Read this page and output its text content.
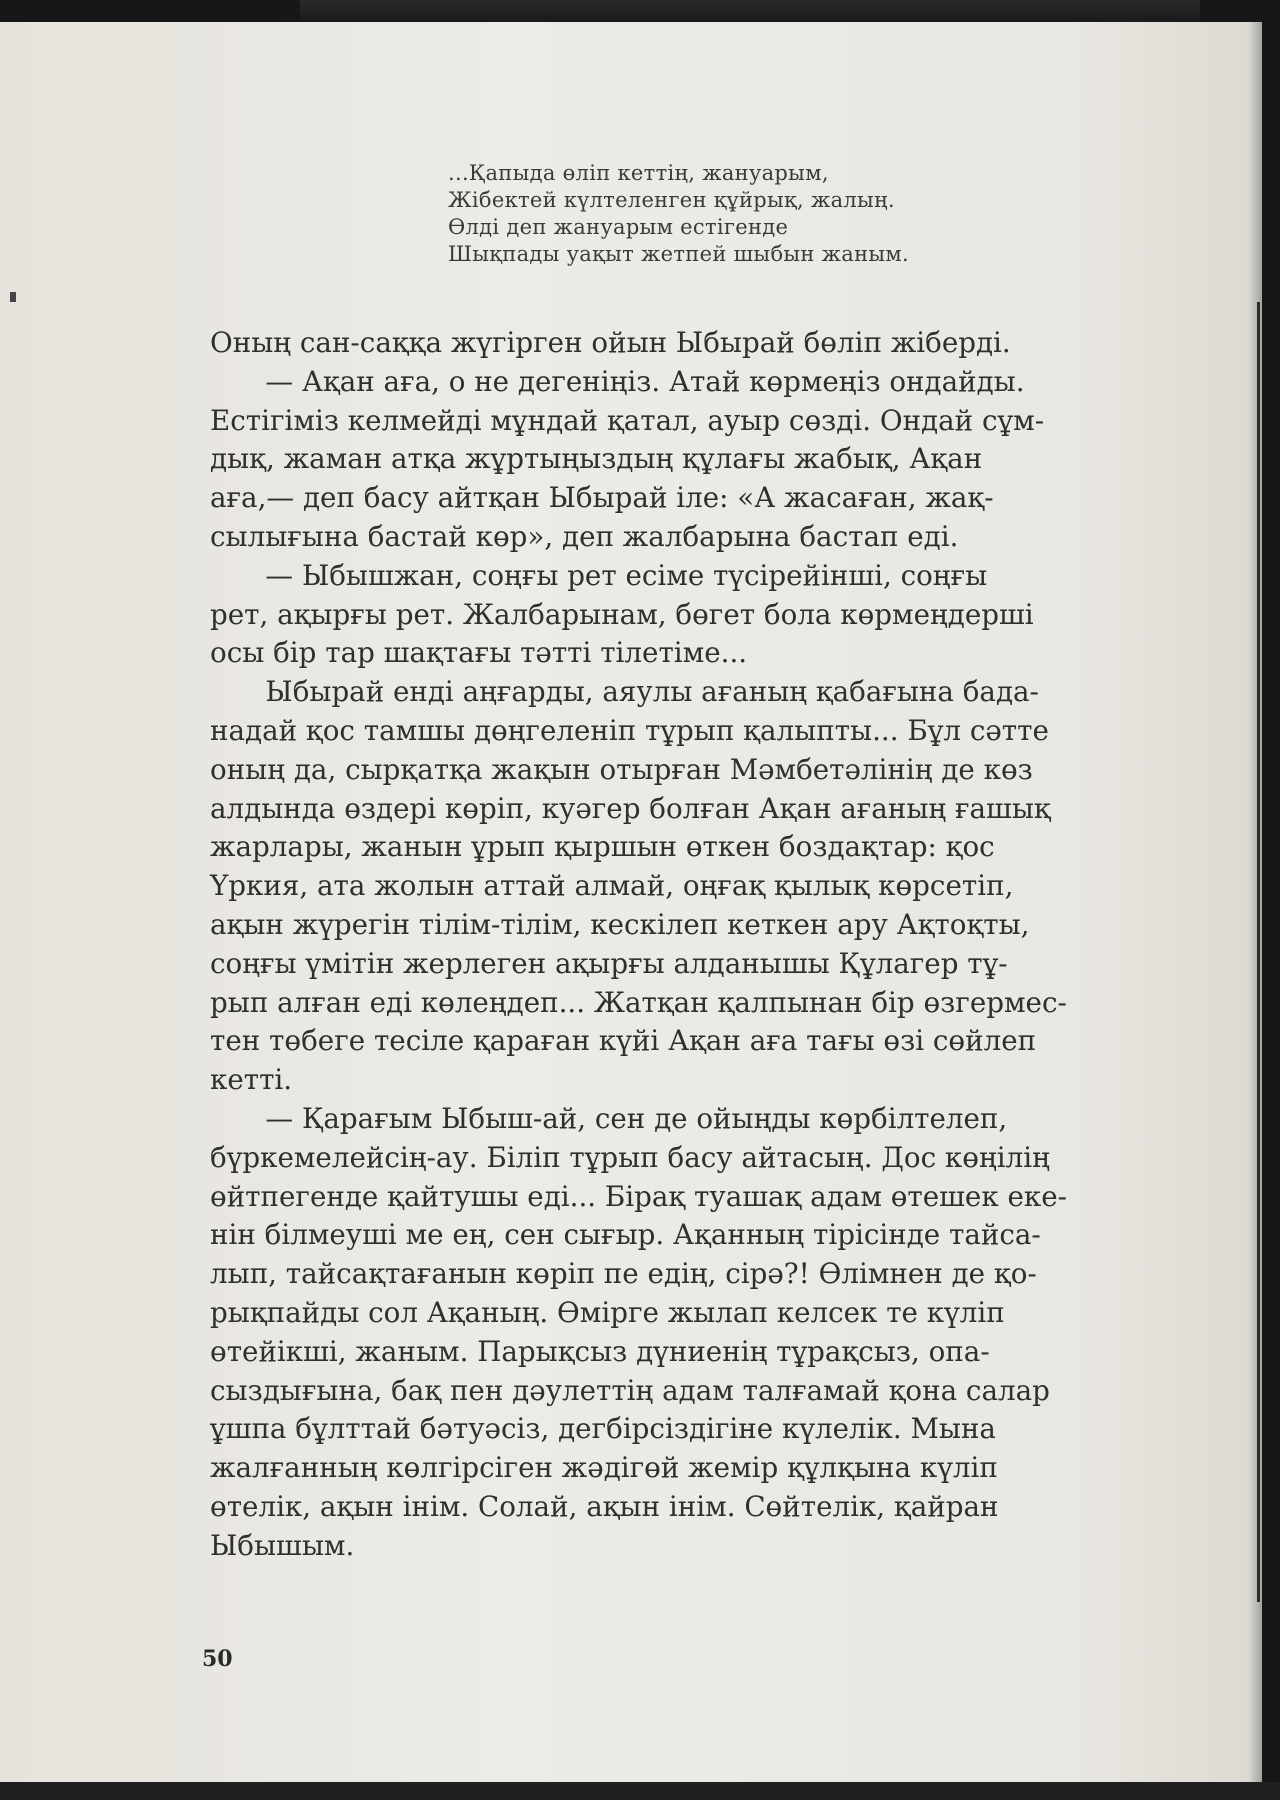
...Қапыда өліп кеттің, жануарым,
Жібектей күлтеленген құйрық, жалың.
Өлді деп жануарым естігенде
Шықпады уақыт жетпей шыбын жаным.
Оның сан-саққа жүгірген ойын Ыбырай бөліп жіберді.
— Ақан аға, о не дегеніңіз. Атай көрмеңіз ондайды.
Естігіміз келмейді мұндай қатал, ауыр сөзді. Ондай сұм-
дық, жаман атқа жұртыңыздың құлағы жабық, Ақан
аға,— деп басу айтқан Ыбырай іле: «А жасаған, жақ-
сылығына бастай көр», деп жалбарына бастап еді.
— Ыбышжан, соңғы рет есіме түсірейінші, соңғы
рет, ақырғы рет. Жалбарынам, бөгет бола көрмеңдерші
осы бір тар шақтағы тәтті тілетіме...
Ыбырай енді аңғарды, аяулы ағаның қабағына бада-
надай қос тамшы дөңгеленіп тұрып қалыпты... Бұл сәтте
оның да, сырқатқа жақын отырған Мәмбетәлінің де көз
алдында өздері көріп, куәгер болған Ақан ағаның ғашық
жарлары, жанын ұрып қыршын өткен боздақтар: қос
Үркия, ата жолын аттай алмай, оңғақ қылық көрсетіп,
ақын жүрегін тілім-тілім, кескілеп кеткен ару Ақтоқты,
соңғы үмітін жерлеген ақырғы алданышы Құлагер тұ-
рып алған еді көлеңдеп... Жатқан қалпынан бір өзгермес-
тен төбеге тесіле қараған күйі Ақан аға тағы өзі сөйлеп
кетті.
— Қарағым Ыбыш-ай, сен де ойыңды көрбілтелеп,
бүркемелейсің-ау. Біліп тұрып басу айтасың. Дос көңілің
өйтпегенде қайтушы еді... Бірақ туашақ адам өтешек еке-
нін білмеуші ме ең, сен сығыр. Ақанның тірісінде тайса-
лып, тайсақтағанын көріп пе едің, сірә?! Өлімнен де қо-
рықпайды сол Ақаның. Өмірге жылап келсек те күліп
өтейікші, жаным. Парықсыз дүниенің тұрақсыз, опа-
сыздығына, бақ пен дәулеттің адам талғамай қона салар
ұшпа бұлттай бәтуәсіз, дегбірсіздігіне күлелік. Мына
жалғанның көлгірсіген жәдігөй жемір құлқына күліп
өтелік, ақын інім. Солай, ақын інім. Сөйтелік, қайран
Ыбышым.
50
